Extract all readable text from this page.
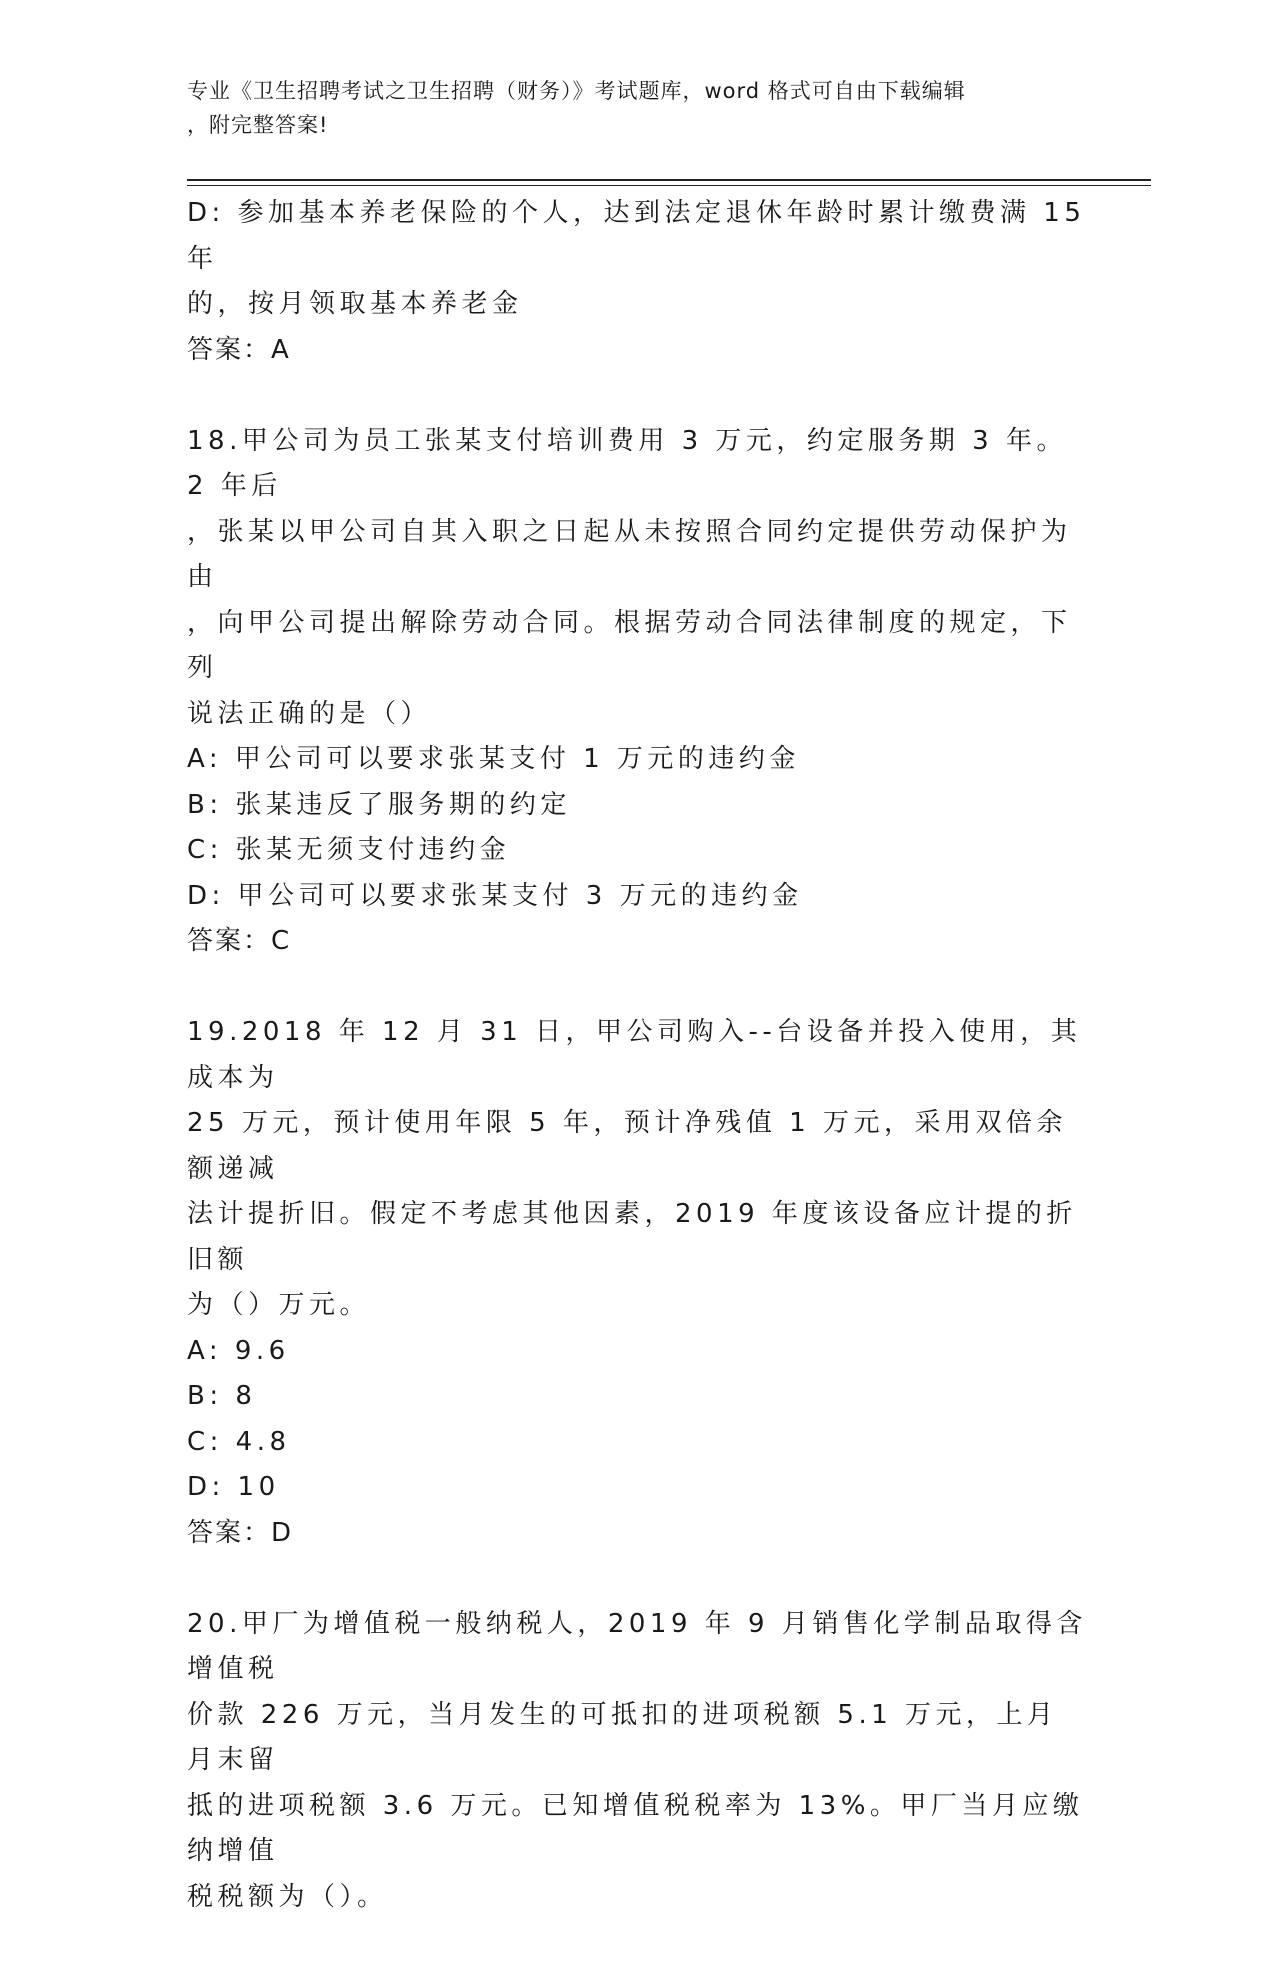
专业《卫生招聘考试之卫生招聘（财务）》考试题库，word 格式可自由下载编辑
，附完整答案!

D: 参加基本养老保险的个人，达到法定退休年龄时累计缴费满 15 年

的，按月领取基本养老金

答案：A

18.甲公司为员工张某支付培训费用 3 万元，约定服务期 3 年。2 年后

，张某以甲公司自其入职之日起从未按照合同约定提供劳动保护为由

，向甲公司提出解除劳动合同。根据劳动合同法律制度的规定，下列

说法正确的是（）

A: 甲公司可以要求张某支付 1 万元的违约金

B: 张某违反了服务期的约定

C: 张某无须支付违约金

D: 甲公司可以要求张某支付 3 万元的违约金

答案：C

19.2018 年 12 月 31 日，甲公司购入--台设备并投入使用，其成本为

25 万元，预计使用年限 5 年，预计净残值 1 万元，采用双倍余额递减

法计提折旧。假定不考虑其他因素，2019 年度该设备应计提的折旧额

为（）万元。

A: 9.6

B: 8

C: 4.8

D: 10

答案：D

20.甲厂为增值税一般纳税人，2019 年 9 月销售化学制品取得含增值税

价款 226 万元，当月发生的可抵扣的进项税额 5.1 万元，上月月末留

抵的进项税额 3.6 万元。已知增值税税率为 13%。甲厂当月应缴纳增值

税税额为（）。
